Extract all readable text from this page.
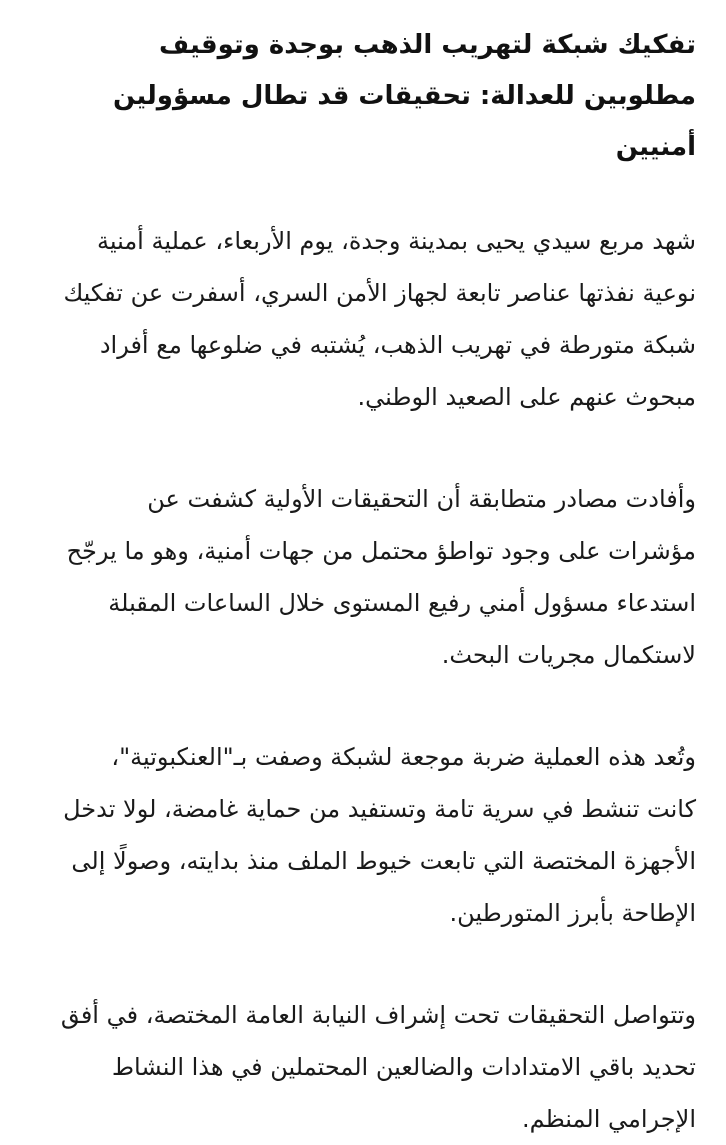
تفكيك شبكة لتهريب الذهب بوجدة وتوقيف مطلوبين للعدالة: تحقيقات قد تطال مسؤولين أمنيين

شهد مربع سيدي يحيى بمدينة وجدة، يوم الأربعاء، عملية أمنية نوعية نفذتها عناصر تابعة لجهاز الأمن السري، أسفرت عن تفكيك شبكة متورطة في تهريب الذهب، يُشتبه في ضلوعها مع أفراد مبحوث عنهم على الصعيد الوطني.

وأفادت مصادر متطابقة أن التحقيقات الأولية كشفت عن مؤشرات على وجود تواطؤ محتمل من جهات أمنية، وهو ما يرجّح استدعاء مسؤول أمني رفيع المستوى خلال الساعات المقبلة لاستكمال مجريات البحث.

وتُعد هذه العملية ضربة موجعة لشبكة وصفت بـ"العنكبوتية"، كانت تنشط في سرية تامة وتستفيد من حماية غامضة، لولا تدخل الأجهزة المختصة التي تابعت خيوط الملف منذ بدايته، وصولًا إلى الإطاحة بأبرز المتورطين.

وتتواصل التحقيقات تحت إشراف النيابة العامة المختصة، في أفق تحديد باقي الامتدادات والضالعين المحتملين في هذا النشاط الإجرامي المنظم.
